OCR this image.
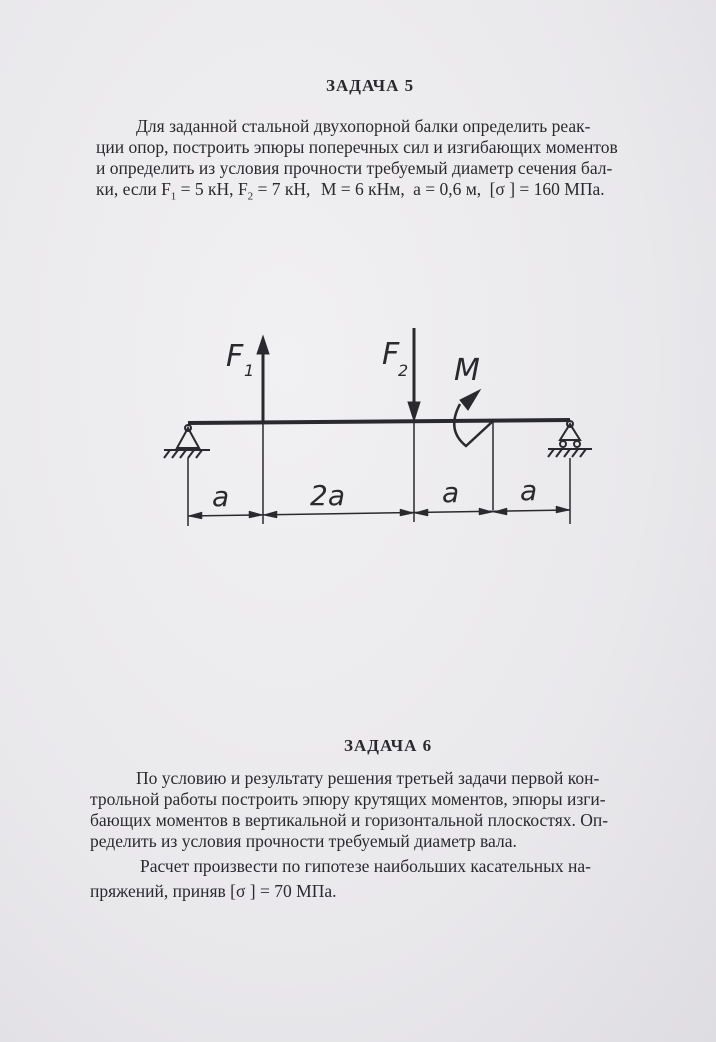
ЗАДАЧА 5
Для заданной стальной двухопорной балки определить реак-
ции опор, построить эпюры поперечных сил и изгибающих моментов
и определить из условия прочности требуемый диаметр сечения бал-
ки, если $F_1 = 5$ кН, $F_2 = 7$ кН, М = 6 кНм, а = 0,6 м, [σ ] = 160 МПа.
F 1	F
2 M
a	2a	a a
ЗАДАЧА 6
По условию и результату решения третьей задачи первой кон-
трольной работы построить эпюру крутящих моментов, эпюры изги-
бающих моментов в вертикальной и горизонтальной плоскостях. Оп-
ределить из условия прочности требуемый диаметр вала.
Расчет произвести по гипотезе наибольших касательных на-
пряжений, приняв [σ ] = 70 МПа.
